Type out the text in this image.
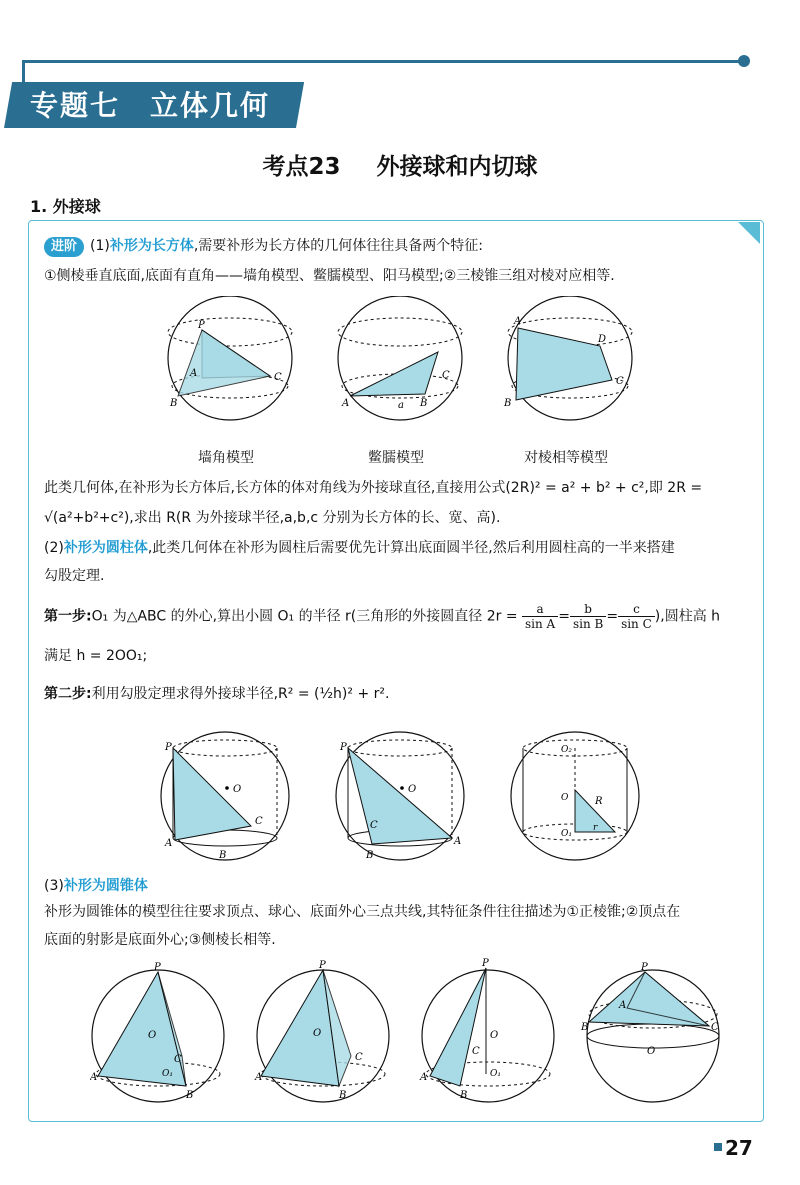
专题七 立体几何
考点23 外接球和内切球
1. 外接球
进阶 (1)补形为长方体,需要补形为长方体的几何体往往具备两个特征:
①侧棱垂直底面,底面有直角——墙角模型、鳖臑模型、阳马模型;②三棱锥三组对棱对应相等.
P
B
C
A
A	B
C
a
A
D
B
C
墙角模型	鳖臑模型	对棱相等模型
此类几何体,在补形为长方体后,长方体的体对角线为外接球直径,直接用公式(2R)² = a² + b² + c²,即 2R =
√(a²+b²+c²),求出 R(R 为外接球半径,a,b,c 分别为长方体的长、宽、高).
(2)补形为圆柱体,此类几何体在补形为圆柱后需要优先计算出底面圆半径,然后利用圆柱高的一半来搭建
勾股定理.
第一步:O₁ 为△ABC 的外心,算出小圆 O₁ 的半径 r(三角形的外接圆直径 $2r = \frac{a}{\text{sin A}} = \frac{b}{\text{sin B}} = \frac{c}{\text{sin C}}$ ),圆柱高 h
满足 h = 2OO₁;
第二步:利用勾股定理求得外接球半径,R² = (½h)² + r².
P
A
B
C
O
P
B
A
C
O
O₂
O₁
R
r
O
(3)补形为圆锥体
补形为圆锥体的模型往往要求顶点、球心、底面外心三点共线,其特征条件往往描述为①正棱锥;②顶点在
底面的射影是底面外心;③侧棱长相等.
P
A
B
C
O
O₁
P
A
B
C
O
P
A
B
C
O
O₁
P
B	C
A
O
27
